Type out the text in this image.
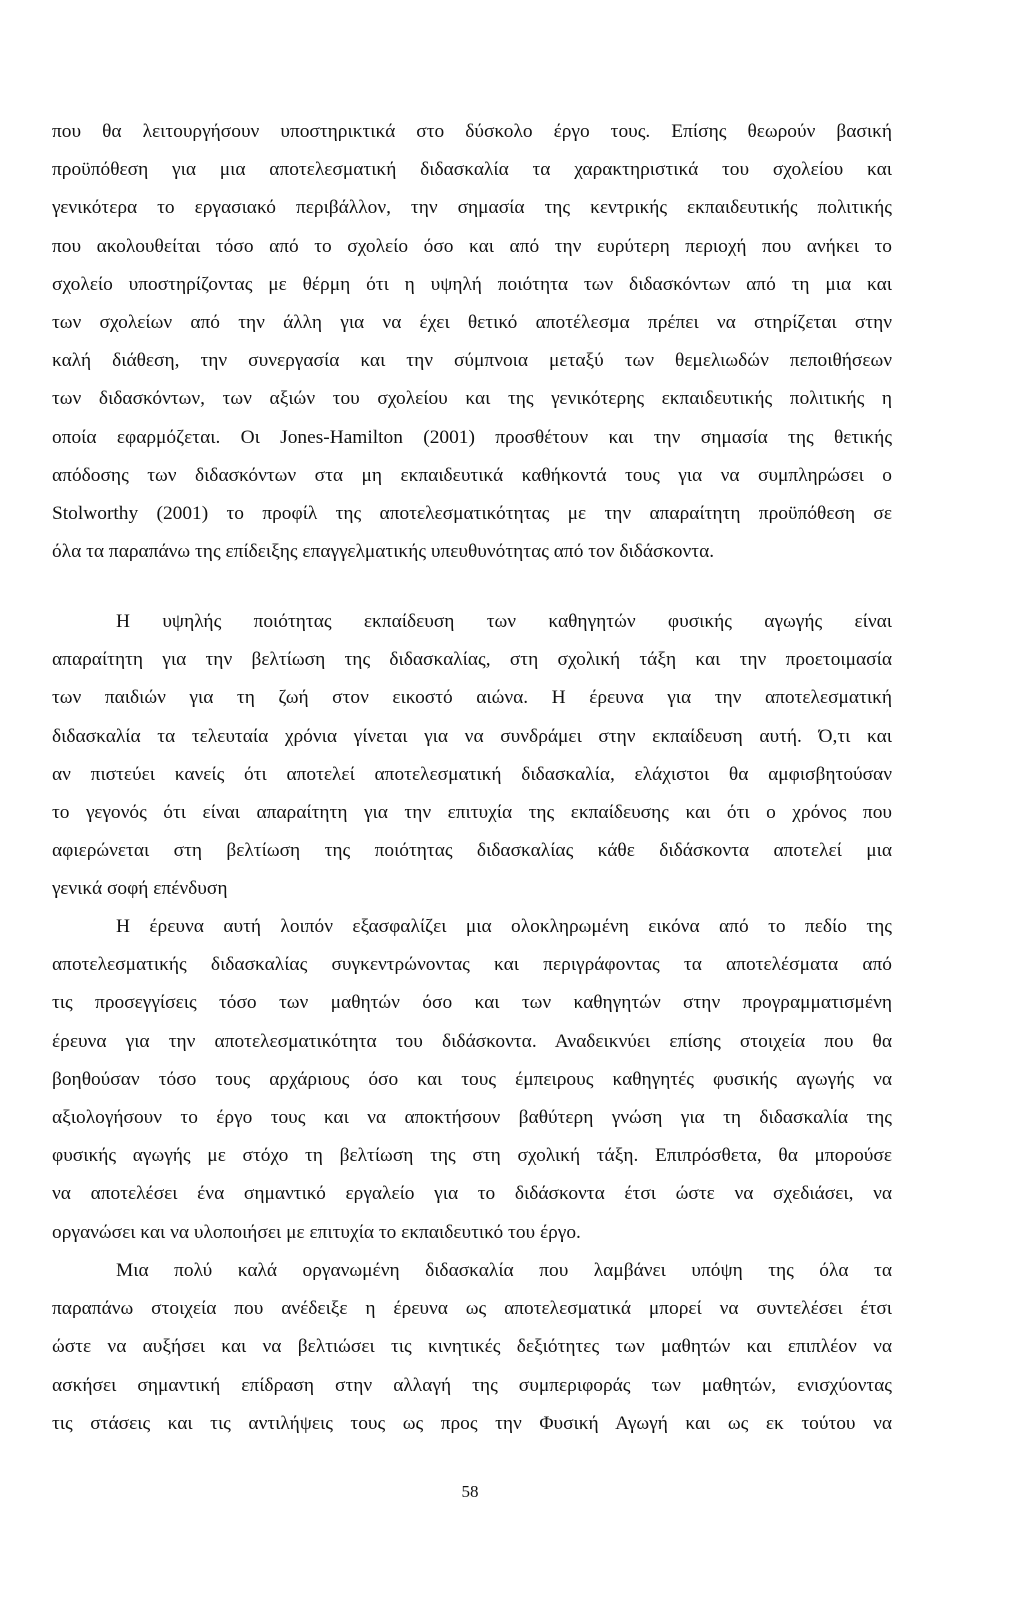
που θα λειτουργήσουν υποστηρικτικά στο δύσκολο έργο τους. Επίσης θεωρούν βασική
προϋπόθεση για μια αποτελεσματική διδασκαλία τα χαρακτηριστικά του σχολείου και
γενικότερα το εργασιακό περιβάλλον, την σημασία της κεντρικής εκπαιδευτικής πολιτικής
που ακολουθείται τόσο από το σχολείο όσο και από την ευρύτερη περιοχή που ανήκει το
σχολείο υποστηρίζοντας με θέρμη ότι η υψηλή ποιότητα των διδασκόντων από τη μια και
των σχολείων από την άλλη για να έχει θετικό αποτέλεσμα πρέπει να στηρίζεται στην
καλή διάθεση, την συνεργασία και την σύμπνοια μεταξύ των θεμελιωδών πεποιθήσεων
των διδασκόντων, των αξιών του σχολείου και της γενικότερης εκπαιδευτικής πολιτικής η
οποία εφαρμόζεται. Οι Jones-Hamilton (2001) προσθέτουν και την σημασία της θετικής
απόδοσης των διδασκόντων στα μη εκπαιδευτικά καθήκοντά τους για να συμπληρώσει ο
Stolworthy (2001) το προφίλ της αποτελεσματικότητας με την απαραίτητη προϋπόθεση σε
όλα τα παραπάνω της επίδειξης επαγγελματικής υπευθυνότητας από τον διδάσκοντα.
Η υψηλής ποιότητας εκπαίδευση των καθηγητών φυσικής αγωγής είναι
απαραίτητη για την βελτίωση της διδασκαλίας, στη σχολική τάξη και την προετοιμασία
των παιδιών για τη ζωή στον εικοστό αιώνα. Η έρευνα για την αποτελεσματική
διδασκαλία τα τελευταία χρόνια γίνεται για να συνδράμει στην εκπαίδευση αυτή. Ό,τι και
αν πιστεύει κανείς ότι αποτελεί αποτελεσματική διδασκαλία, ελάχιστοι θα αμφισβητούσαν
το γεγονός ότι είναι απαραίτητη για την επιτυχία της εκπαίδευσης και ότι ο χρόνος που
αφιερώνεται στη βελτίωση της ποιότητας διδασκαλίας κάθε διδάσκοντα αποτελεί μια
γενικά σοφή επένδυση
Η έρευνα αυτή λοιπόν εξασφαλίζει μια ολοκληρωμένη εικόνα από το πεδίο της
αποτελεσματικής διδασκαλίας συγκεντρώνοντας και περιγράφοντας τα αποτελέσματα από
τις προσεγγίσεις τόσο των μαθητών όσο και των καθηγητών στην προγραμματισμένη
έρευνα για την αποτελεσματικότητα του διδάσκοντα. Αναδεικνύει επίσης στοιχεία που θα
βοηθούσαν τόσο τους αρχάριους όσο και τους έμπειρους καθηγητές φυσικής αγωγής να
αξιολογήσουν το έργο τους και να αποκτήσουν βαθύτερη γνώση για τη διδασκαλία της
φυσικής αγωγής με στόχο τη βελτίωση της στη σχολική τάξη. Επιπρόσθετα, θα μπορούσε
να αποτελέσει ένα σημαντικό εργαλείο για το διδάσκοντα έτσι ώστε να σχεδιάσει, να
οργανώσει και να υλοποιήσει με επιτυχία το εκπαιδευτικό του έργο.
Μια πολύ καλά οργανωμένη διδασκαλία που λαμβάνει υπόψη της όλα τα
παραπάνω στοιχεία που ανέδειξε η έρευνα ως αποτελεσματικά μπορεί να συντελέσει έτσι
ώστε να αυξήσει και να βελτιώσει τις κινητικές δεξιότητες των μαθητών και επιπλέον να
ασκήσει σημαντική επίδραση στην αλλαγή της συμπεριφοράς των μαθητών, ενισχύοντας
τις στάσεις και τις αντιλήψεις τους ως προς την Φυσική Αγωγή και ως εκ τούτου να
58
